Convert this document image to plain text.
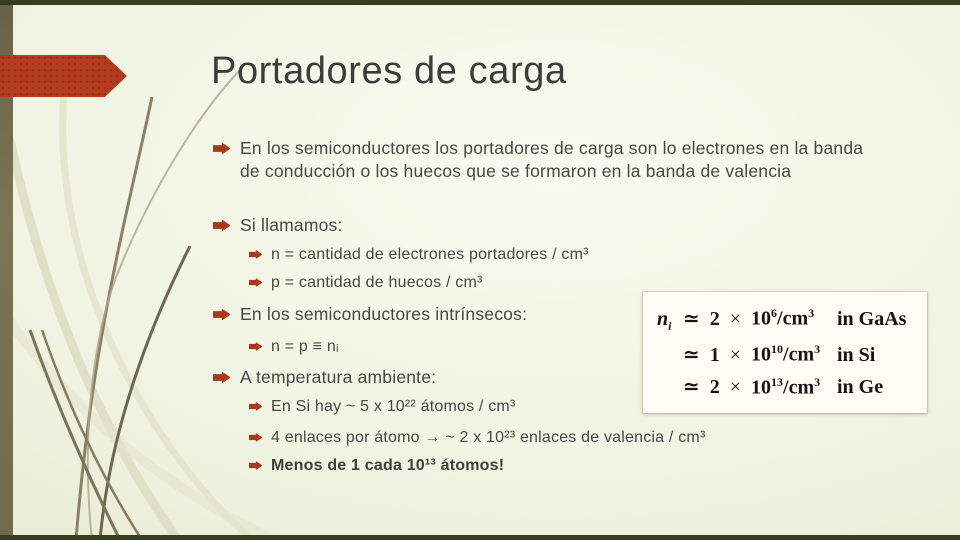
Portadores de carga
En los semiconductores los portadores de carga son lo electrones en la banda de conducción o los huecos que se formaron en la banda de valencia
Si llamamos:
n = cantidad de electrones portadores / cm³
p = cantidad de huecos / cm³
En los semiconductores intrínsecos:
n = p ≡ nᵢ
A temperatura ambiente:
En Si hay ~ 5 x 10²² átomos / cm³
4 enlaces por átomo → ~ 2 x 10²³ enlaces de valencia / cm³
Menos de 1 cada 10¹³ átomos!
$n_i$ ≃ $2 \times 10^6$ $/cm^3$ in GaAs
≃ $1 \times 10^{10}$ $/cm^3$ in Si
≃ $2 \times 10^{13}$ $/cm^3$ in Ge
